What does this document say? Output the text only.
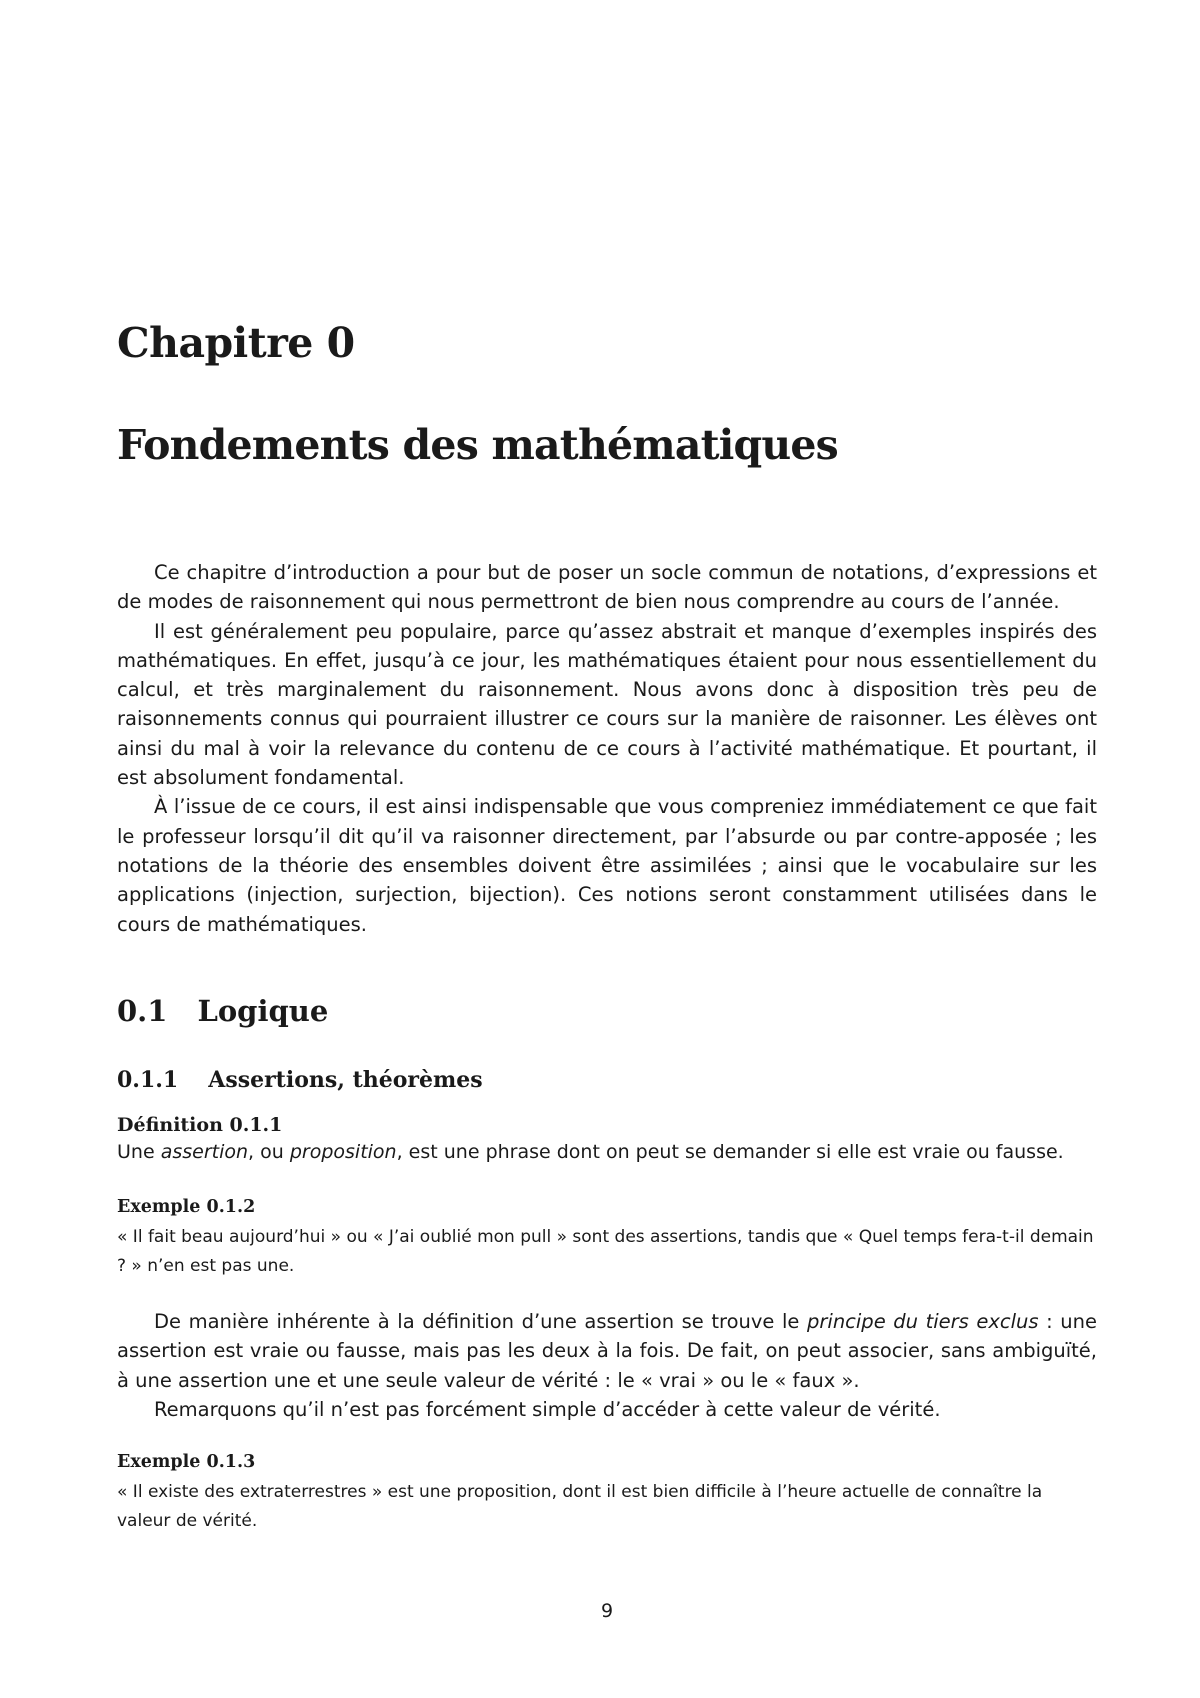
Chapitre 0
Fondements des mathématiques

Ce chapitre d’introduction a pour but de poser un socle commun de notations, d’expressions et de modes de raisonnement qui nous permettront de bien nous comprendre au cours de l’année.

Il est généralement peu populaire, parce qu’assez abstrait et manque d’exemples inspirés des mathématiques. En effet, jusqu’à ce jour, les mathématiques étaient pour nous essentiellement du calcul, et très marginalement du raisonnement. Nous avons donc à disposition très peu de raisonnements connus qui pourraient illustrer ce cours sur la manière de raisonner. Les élèves ont ainsi du mal à voir la relevance du contenu de ce cours à l’activité mathématique. Et pourtant, il est absolument fondamental.

À l’issue de ce cours, il est ainsi indispensable que vous compreniez immédiatement ce que fait le professeur lorsqu’il dit qu’il va raisonner directement, par l’absurde ou par contre-apposée ; les notations de la théorie des ensembles doivent être assimilées ; ainsi que le vocabulaire sur les applications (injection, surjection, bijection). Ces notions seront constamment utilisées dans le cours de mathématiques.

0.1 Logique
0.1.1 Assertions, théorèmes

Définition 0.1.1

Une assertion, ou proposition, est une phrase dont on peut se demander si elle est vraie ou fausse.

Exemple 0.1.2

« Il fait beau aujourd’hui » ou « J’ai oublié mon pull » sont des assertions, tandis que « Quel temps fera-t-il demain ? » n’en est pas une.

De manière inhérente à la définition d’une assertion se trouve le principe du tiers exclus : une assertion est vraie ou fausse, mais pas les deux à la fois. De fait, on peut associer, sans ambiguïté, à une assertion une et une seule valeur de vérité : le « vrai » ou le « faux ».

Remarquons qu’il n’est pas forcément simple d’accéder à cette valeur de vérité.

Exemple 0.1.3

« Il existe des extraterrestres » est une proposition, dont il est bien difficile à l’heure actuelle de connaître la valeur de vérité.

9
